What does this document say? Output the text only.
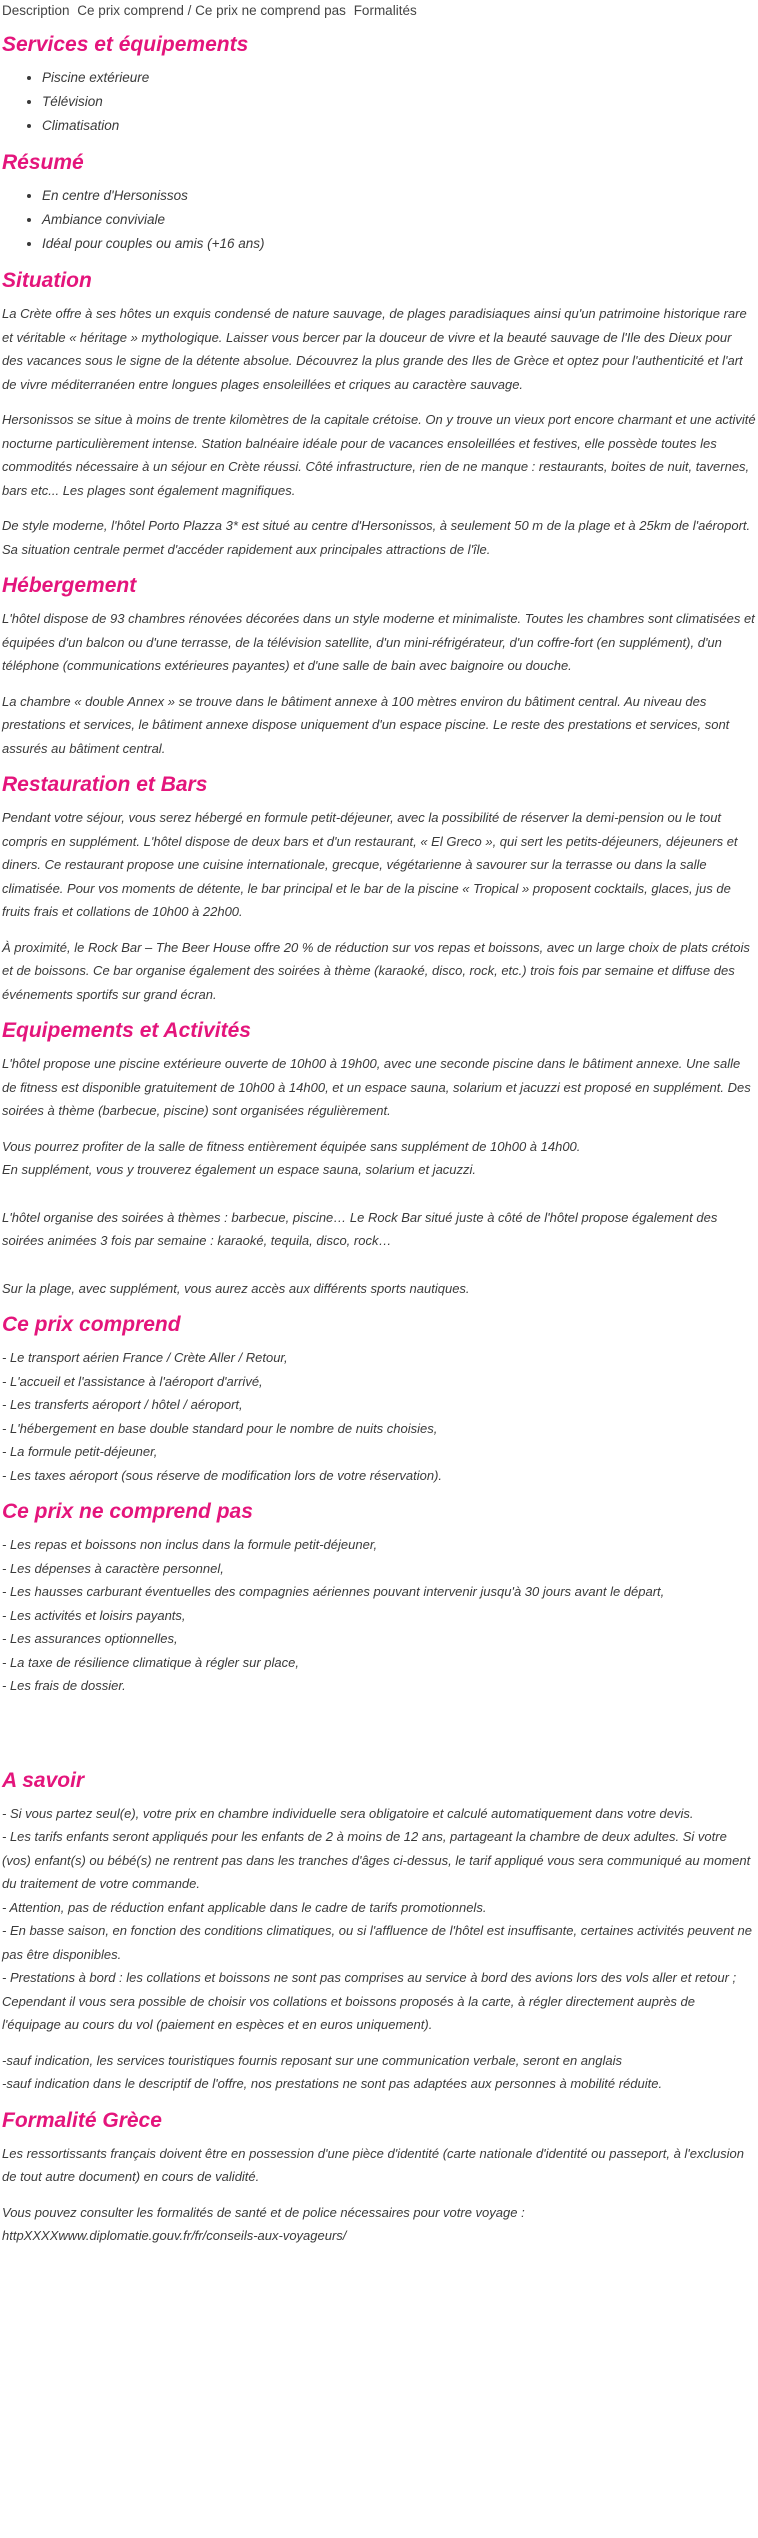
Description Ce prix comprend / Ce prix ne comprend pas Formalités
Services et équipements
• Piscine extérieure
• Télévision
• Climatisation
Résumé
• En centre d'Hersonissos
• Ambiance conviviale
• Idéal pour couples ou amis (+16 ans)
Situation

La Crète offre à ses hôtes un exquis condensé de nature sauvage, de plages paradisiaques ainsi qu'un patrimoine historique rare et véritable « héritage » mythologique. Laisser vous bercer par la douceur de vivre et la beauté sauvage de l'Ile des Dieux pour des vacances sous le signe de la détente absolue. Découvrez la plus grande des Iles de Grèce et optez pour l'authenticité et l'art de vivre méditerranéen entre longues plages ensoleillées et criques au caractère sauvage.

Hersonissos se situe à moins de trente kilomètres de la capitale crétoise. On y trouve un vieux port encore charmant et une activité nocturne particulièrement intense. Station balnéaire idéale pour de vacances ensoleillées et festives, elle possède toutes les commodités nécessaire à un séjour en Crète réussi. Côté infrastructure, rien de ne manque : restaurants, boites de nuit, tavernes, bars etc... Les plages sont également magnifiques.

De style moderne, l'hôtel Porto Plazza 3* est situé au centre d'Hersonissos, à seulement 50 m de la plage et à 25km de l'aéroport. Sa situation centrale permet d'accéder rapidement aux principales attractions de l'île.

Hébergement

L'hôtel dispose de 93 chambres rénovées décorées dans un style moderne et minimaliste. Toutes les chambres sont climatisées et équipées d'un balcon ou d'une terrasse, de la télévision satellite, d'un mini-réfrigérateur, d'un coffre-fort (en supplément), d'un téléphone (communications extérieures payantes) et d'une salle de bain avec baignoire ou douche.

La chambre « double Annex » se trouve dans le bâtiment annexe à 100 mètres environ du bâtiment central. Au niveau des prestations et services, le bâtiment annexe dispose uniquement d'un espace piscine. Le reste des prestations et services, sont assurés au bâtiment central.

Restauration et Bars

Pendant votre séjour, vous serez hébergé en formule petit-déjeuner, avec la possibilité de réserver la demi-pension ou le tout compris en supplément. L'hôtel dispose de deux bars et d'un restaurant, « El Greco », qui sert les petits-déjeuners, déjeuners et diners. Ce restaurant propose une cuisine internationale, grecque, végétarienne à savourer sur la terrasse ou dans la salle climatisée. Pour vos moments de détente, le bar principal et le bar de la piscine « Tropical » proposent cocktails, glaces, jus de fruits frais et collations de 10h00 à 22h00.

À proximité, le Rock Bar – The Beer House offre 20 % de réduction sur vos repas et boissons, avec un large choix de plats crétois et de boissons. Ce bar organise également des soirées à thème (karaoké, disco, rock, etc.) trois fois par semaine et diffuse des événements sportifs sur grand écran.

Equipements et Activités

L'hôtel propose une piscine extérieure ouverte de 10h00 à 19h00, avec une seconde piscine dans le bâtiment annexe. Une salle de fitness est disponible gratuitement de 10h00 à 14h00, et un espace sauna, solarium et jacuzzi est proposé en supplément. Des soirées à thème (barbecue, piscine) sont organisées régulièrement.

Vous pourrez profiter de la salle de fitness entièrement équipée sans supplément de 10h00 à 14h00.
En supplément, vous y trouverez également un espace sauna, solarium et jacuzzi.

L'hôtel organise des soirées à thèmes : barbecue, piscine… Le Rock Bar situé juste à côté de l'hôtel propose également des soirées animées 3 fois par semaine : karaoké, tequila, disco, rock…

Sur la plage, avec supplément, vous aurez accès aux différents sports nautiques.

Ce prix comprend

- Le transport aérien France / Crète Aller / Retour,
- L'accueil et l'assistance à l'aéroport d'arrivé,
- Les transferts aéroport / hôtel / aéroport,
- L'hébergement en base double standard pour le nombre de nuits choisies,
- La formule petit-déjeuner,
- Les taxes aéroport (sous réserve de modification lors de votre réservation).

Ce prix ne comprend pas

- Les repas et boissons non inclus dans la formule petit-déjeuner,
- Les dépenses à caractère personnel,
- Les hausses carburant éventuelles des compagnies aériennes pouvant intervenir jusqu'à 30 jours avant le départ,
- Les activités et loisirs payants,
- Les assurances optionnelles,
- La taxe de résilience climatique à régler sur place,
- Les frais de dossier.

A savoir

- Si vous partez seul(e), votre prix en chambre individuelle sera obligatoire et calculé automatiquement dans votre devis.
- Les tarifs enfants seront appliqués pour les enfants de 2 à moins de 12 ans, partageant la chambre de deux adultes. Si votre (vos) enfant(s) ou bébé(s) ne rentrent pas dans les tranches d'âges ci-dessus, le tarif appliqué vous sera communiqué au moment du traitement de votre commande.
- Attention, pas de réduction enfant applicable dans le cadre de tarifs promotionnels.
- En basse saison, en fonction des conditions climatiques, ou si l'affluence de l'hôtel est insuffisante, certaines activités peuvent ne pas être disponibles.
- Prestations à bord : les collations et boissons ne sont pas comprises au service à bord des avions lors des vols aller et retour ; Cependant il vous sera possible de choisir vos collations et boissons proposés à la carte, à régler directement auprès de l'équipage au cours du vol (paiement en espèces et en euros uniquement).

-sauf indication, les services touristiques fournis reposant sur une communication verbale, seront en anglais
-sauf indication dans le descriptif de l'offre, nos prestations ne sont pas adaptées aux personnes à mobilité réduite.

Formalité Grèce

Les ressortissants français doivent être en possession d'une pièce d'identité (carte nationale d'identité ou passeport, à l'exclusion de tout autre document) en cours de validité.

Vous pouvez consulter les formalités de santé et de police nécessaires pour votre voyage :
httpXXXXwww.diplomatie.gouv.fr/fr/conseils-aux-voyageurs/
